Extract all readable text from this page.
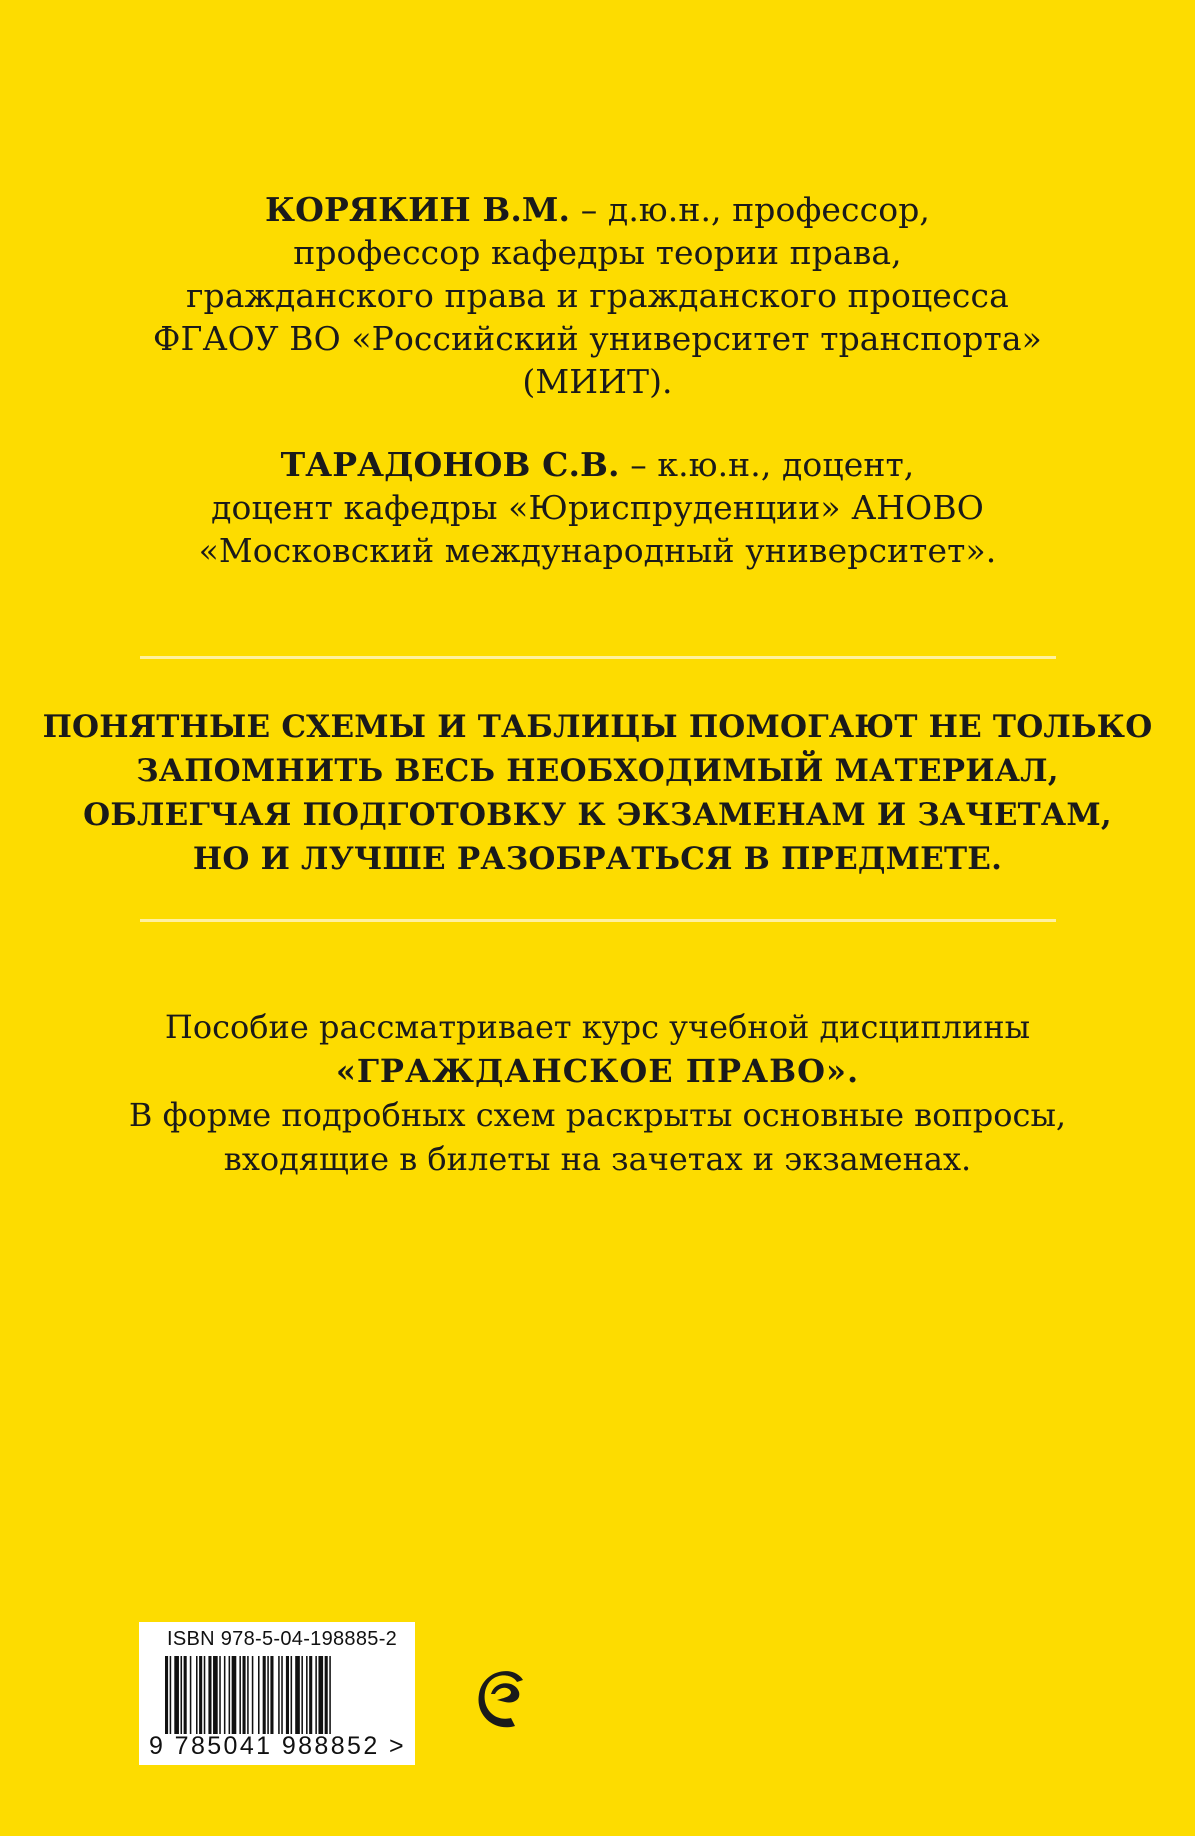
КОРЯКИН В.М. – д.ю.н., профессор,
профессор кафедры теории права,
гражданского права и гражданского процесса
ФГАОУ ВО «Российский университет транспорта»
(МИИТ).
ТАРАДОНОВ С.В. – к.ю.н., доцент,
доцент кафедры «Юриспруденции» АНОВО
«Московский международный университет».
ПОНЯТНЫЕ СХЕМЫ И ТАБЛИЦЫ ПОМОГАЮТ НЕ ТОЛЬКО
ЗАПОМНИТЬ ВЕСЬ НЕОБХОДИМЫЙ МАТЕРИАЛ,
ОБЛЕГЧАЯ ПОДГОТОВКУ К ЭКЗАМЕНАМ И ЗАЧЕТАМ,
НО И ЛУЧШЕ РАЗОБРАТЬСЯ В ПРЕДМЕТЕ.
Пособие рассматривает курс учебной дисциплины
«ГРАЖДАНСКОЕ ПРАВО».
В форме подробных схем раскрыты основные вопросы,
входящие в билеты на зачетах и экзаменах.
ISBN 978-5-04-198885-2
9 785041 988852 >
